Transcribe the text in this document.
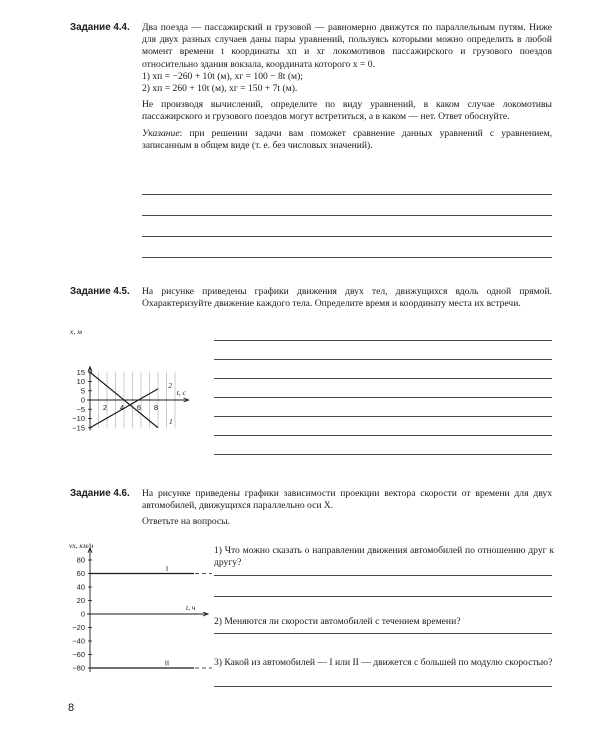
Задание 4.4. Два поезда — пассажирский и грузовой — равномерно движутся по параллельным путям. Ниже для двух разных случаев даны пары уравнений, пользуясь которыми можно определить в любой момент времени t координаты xп и xг локомотивов пассажирского и грузового поездов относительно здания вокзала, координата которого x = 0.

1) xп = −260 + 10t (м), xг = 100 − 8t (м);

2) xп = 260 + 10t (м), xг = 150 + 7t (м).

Не производя вычислений, определите по виду уравнений, в каком случае локомотивы пассажирского и грузового поездов могут встретиться, а в каком — нет. Ответ обоснуйте.

Указание: при решении задачи вам поможет сравнение данных уравнений с уравнением, записанным в общем виде (т. е. без числовых значений).

Задание 4.5. На рисунке приведены графики движения двух тел, движущихся вдоль одной прямой. Охарактеризуйте движение каждого тела. Определите время и координату места их встречи.

15
10
5
0
−5
−10
−15
2 4 6 8
2
1
x, м
t, c
Задание 4.6. На рисунке приведены графики зависимости проекции вектора скорости от времени для двух автомобилей, движущихся параллельно оси X.

Ответьте на вопросы.

80
60
40
20
0
−20
−40
−60
−80
I
II
vx, км/ч
t, ч

1) Что можно сказать о направлении движения автомобилей по отношению друг к другу?

2) Меняются ли скорости автомобилей с течением времени?

3) Какой из автомобилей — I или II — движется с большей по модулю скоростью?

8
